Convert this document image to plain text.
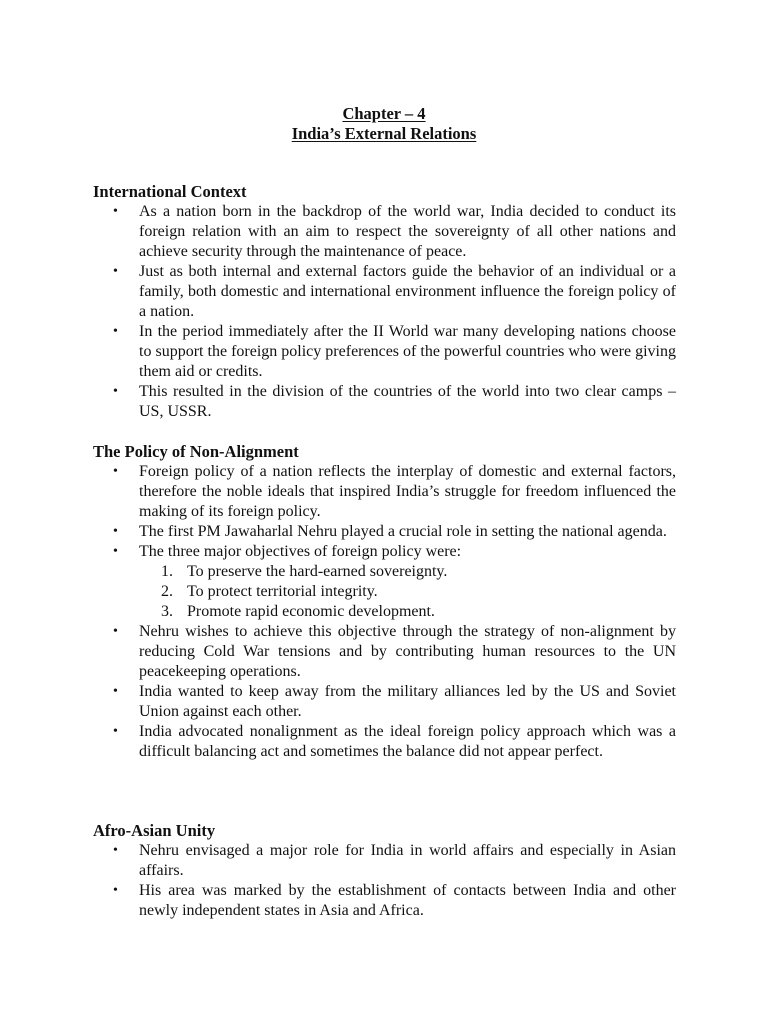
Chapter – 4
India’s External Relations
International Context
• As a nation born in the backdrop of the world war, India decided to conduct its foreign relation with an aim to respect the sovereignty of all other nations and achieve security through the maintenance of peace.
• Just as both internal and external factors guide the behavior of an individual or a family, both domestic and international environment influence the foreign policy of a nation.
• In the period immediately after the II World war many developing nations choose to support the foreign policy preferences of the powerful countries who were giving them aid or credits.
• This resulted in the division of the countries of the world into two clear camps – US, USSR.
The Policy of Non-Alignment
• Foreign policy of a nation reflects the interplay of domestic and external factors, therefore the noble ideals that inspired India’s struggle for freedom influenced the making of its foreign policy.
• The first PM Jawaharlal Nehru played a crucial role in setting the national agenda.
• The three major objectives of foreign policy were:
1. To preserve the hard-earned sovereignty.
2. To protect territorial integrity.
3. Promote rapid economic development.
• Nehru wishes to achieve this objective through the strategy of non-alignment by reducing Cold War tensions and by contributing human resources to the UN peacekeeping operations.
• India wanted to keep away from the military alliances led by the US and Soviet Union against each other.
• India advocated nonalignment as the ideal foreign policy approach which was a difficult balancing act and sometimes the balance did not appear perfect.
Afro-Asian Unity
• Nehru envisaged a major role for India in world affairs and especially in Asian affairs.
• His area was marked by the establishment of contacts between India and other newly independent states in Asia and Africa.
